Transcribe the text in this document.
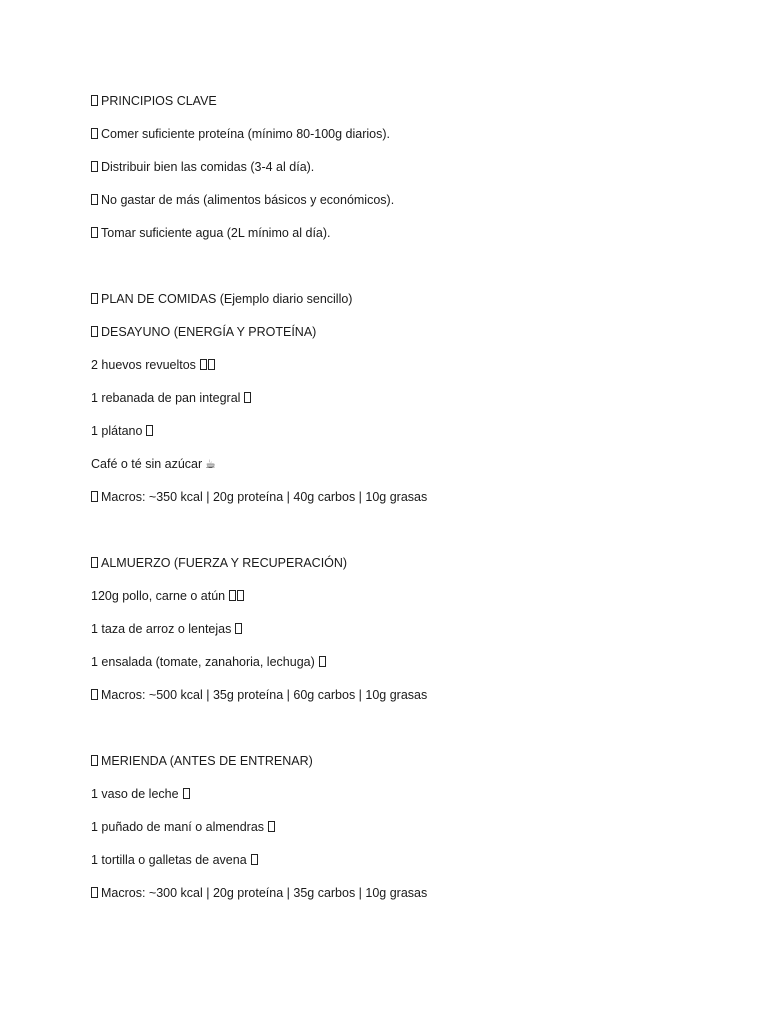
PRINCIPIOS CLAVE
Comer suficiente proteína (mínimo 80-100g diarios).
Distribuir bien las comidas (3-4 al día).
No gastar de más (alimentos básicos y económicos).
Tomar suficiente agua (2L mínimo al día).
PLAN DE COMIDAS (Ejemplo diario sencillo)
DESAYUNO (ENERGÍA Y PROTEÍNA)
2 huevos revueltos
1 rebanada de pan integral
1 plátano
Café o té sin azúcar ☕
Macros: ~350 kcal | 20g proteína | 40g carbos | 10g grasas
ALMUERZO (FUERZA Y RECUPERACIÓN)
120g pollo, carne o atún
1 taza de arroz o lentejas
1 ensalada (tomate, zanahoria, lechuga)
Macros: ~500 kcal | 35g proteína | 60g carbos | 10g grasas
MERIENDA (ANTES DE ENTRENAR)
1 vaso de leche
1 puñado de maní o almendras
1 tortilla o galletas de avena
Macros: ~300 kcal | 20g proteína | 35g carbos | 10g grasas
